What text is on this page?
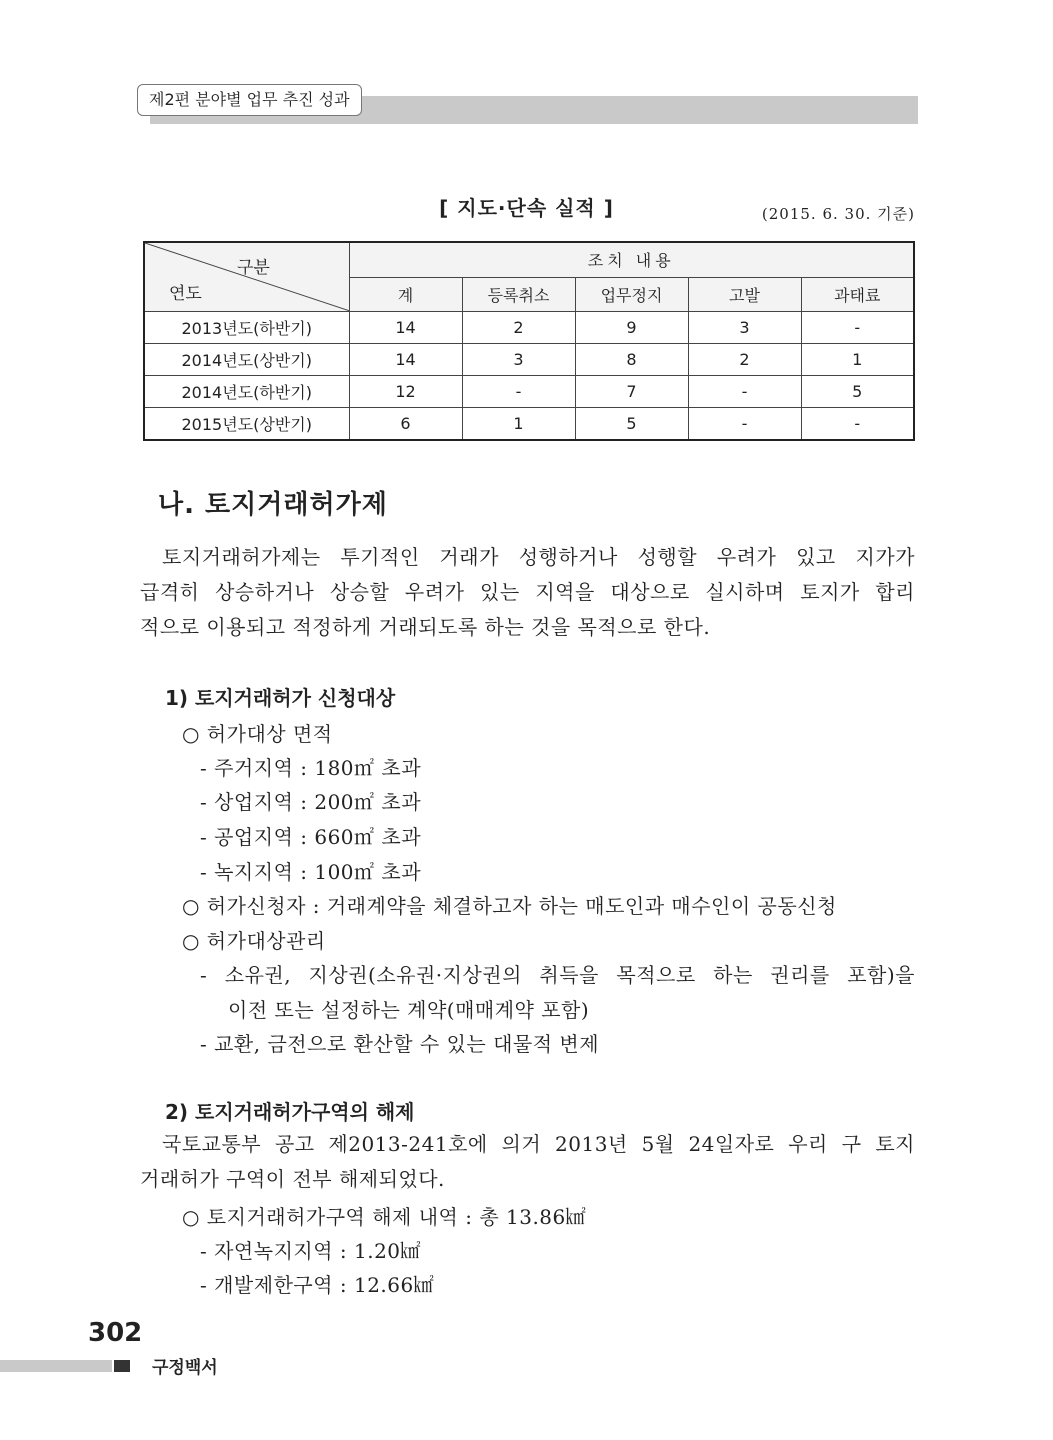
제2편 분야별 업무 추진 성과
[ 지도·단속 실적 ]	(2015. 6. 30. 기준)
구분
연도	조치 내용				
	계	등록취소	업무정지	고발	과태료
2013년도(하반기)	14	2	9	3	-
2014년도(상반기)	14	3	8	2	1
2014년도(하반기)	12	-	7	-	5
2015년도(상반기)	6	1	5	-	-
나. 토지거래허가제
토지거래허가제는 투기적인 거래가 성행하거나 성행할 우려가 있고 지가가
급격히 상승하거나 상승할 우려가 있는 지역을 대상으로 실시하며 토지가 합리
적으로 이용되고 적정하게 거래되도록 하는 것을 목적으로 한다.
1) 토지거래허가 신청대상
○ 허가대상 면적
- 주거지역 : 180㎡ 초과
- 상업지역 : 200㎡ 초과
- 공업지역 : 660㎡ 초과
- 녹지지역 : 100㎡ 초과
○ 허가신청자 : 거래계약을 체결하고자 하는 매도인과 매수인이 공동신청
○ 허가대상관리
- 소유권, 지상권(소유권·지상권의 취득을 목적으로 하는 권리를 포함)을
이전 또는 설정하는 계약(매매계약 포함)
- 교환, 금전으로 환산할 수 있는 대물적 변제
2) 토지거래허가구역의 해제
국토교통부 공고 제2013-241호에 의거 2013년 5월 24일자로 우리 구 토지
거래허가 구역이 전부 해제되었다.
○ 토지거래허가구역 해제 내역 : 총 13.86㎢
- 자연녹지지역 : 1.20㎢
- 개발제한구역 : 12.66㎢
302
구정백서
